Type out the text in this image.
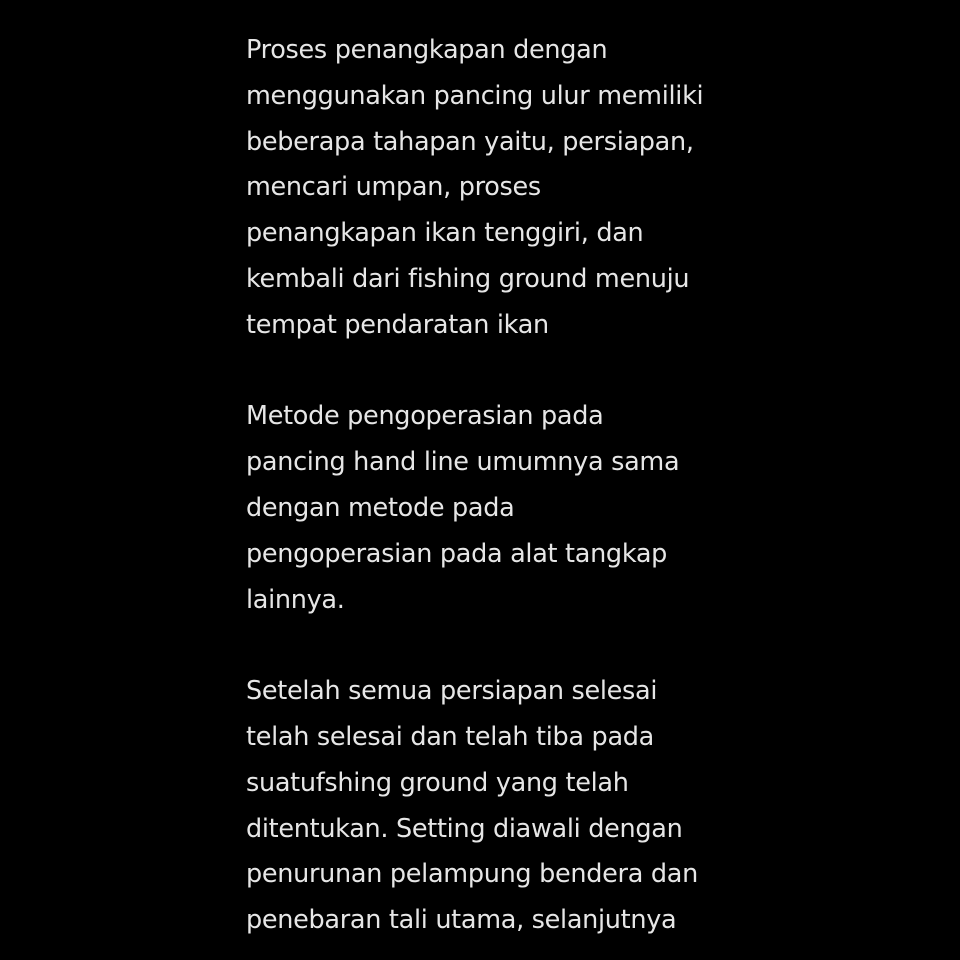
Proses penangkapan dengan
menggunakan pancing ulur memiliki
beberapa tahapan yaitu, persiapan,
mencari umpan, proses
penangkapan ikan tenggiri, dan
kembali dari fishing ground menuju
tempat pendaratan ikan

Metode pengoperasian pada
pancing hand line umumnya sama
dengan metode pada
pengoperasian pada alat tangkap
lainnya.

Setelah semua persiapan selesai
telah selesai dan telah tiba pada
suatufshing ground yang telah
ditentukan. Setting diawali dengan
penurunan pelampung bendera dan
penebaran tali utama, selanjutnya
